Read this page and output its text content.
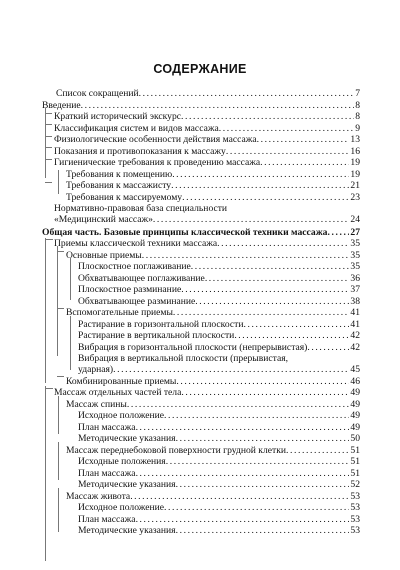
СОДЕРЖАНИЕ
Список сокращений . . .	7
Введение . . .	8
Краткий исторический экскурс . . .	8
Классификация систем и видов массажа . . .	9
Физиологические особенности действия массажа . . .	13
Показания и противопоказания к массажу . . .	16
Гигиенические требования к проведению массажа . . .	19
Требования к помещению . . .	19
Требования к массажисту . . .	21
Требования к массируемому . . .	23
Нормативно-правовая база специальности
«Медицинский массаж» . . .	24
Общая часть. Базовые принципы классической техники массажа . . . 27
Приемы классической техники массажа . . .	35
Основные приемы . . .	35
Плоскостное поглаживание . . .	35
Обхватывающее поглаживание . . .	36
Плоскостное разминание . . .	37
Обхватывающее разминание . . .	38
Вспомогательные приемы . . .	41
Растирание в горизонтальной плоскости . . .	41
Растирание в вертикальной плоскости . . .	42
Вибрация в горизонтальной плоскости (непрерывистая) . . .	42
Вибрация в вертикальной плоскости (прерывистая,
ударная) . . .	45
Комбинированные приемы . . .	46
Массаж отдельных частей тела . . .	49
Массаж спины . . .	49
Исходное положение . . .	49
План массажа . . .	49
Методические указания . . .	50
Массаж переднебоковой поверхности грудной клетки . . .	51
Исходные положения . . .	51
План массажа . . .	51
Методические указания . . .	52
Массаж живота . . .	53
Исходное положение . . .	53
План массажа . . .	53
Методические указания . . .	53
